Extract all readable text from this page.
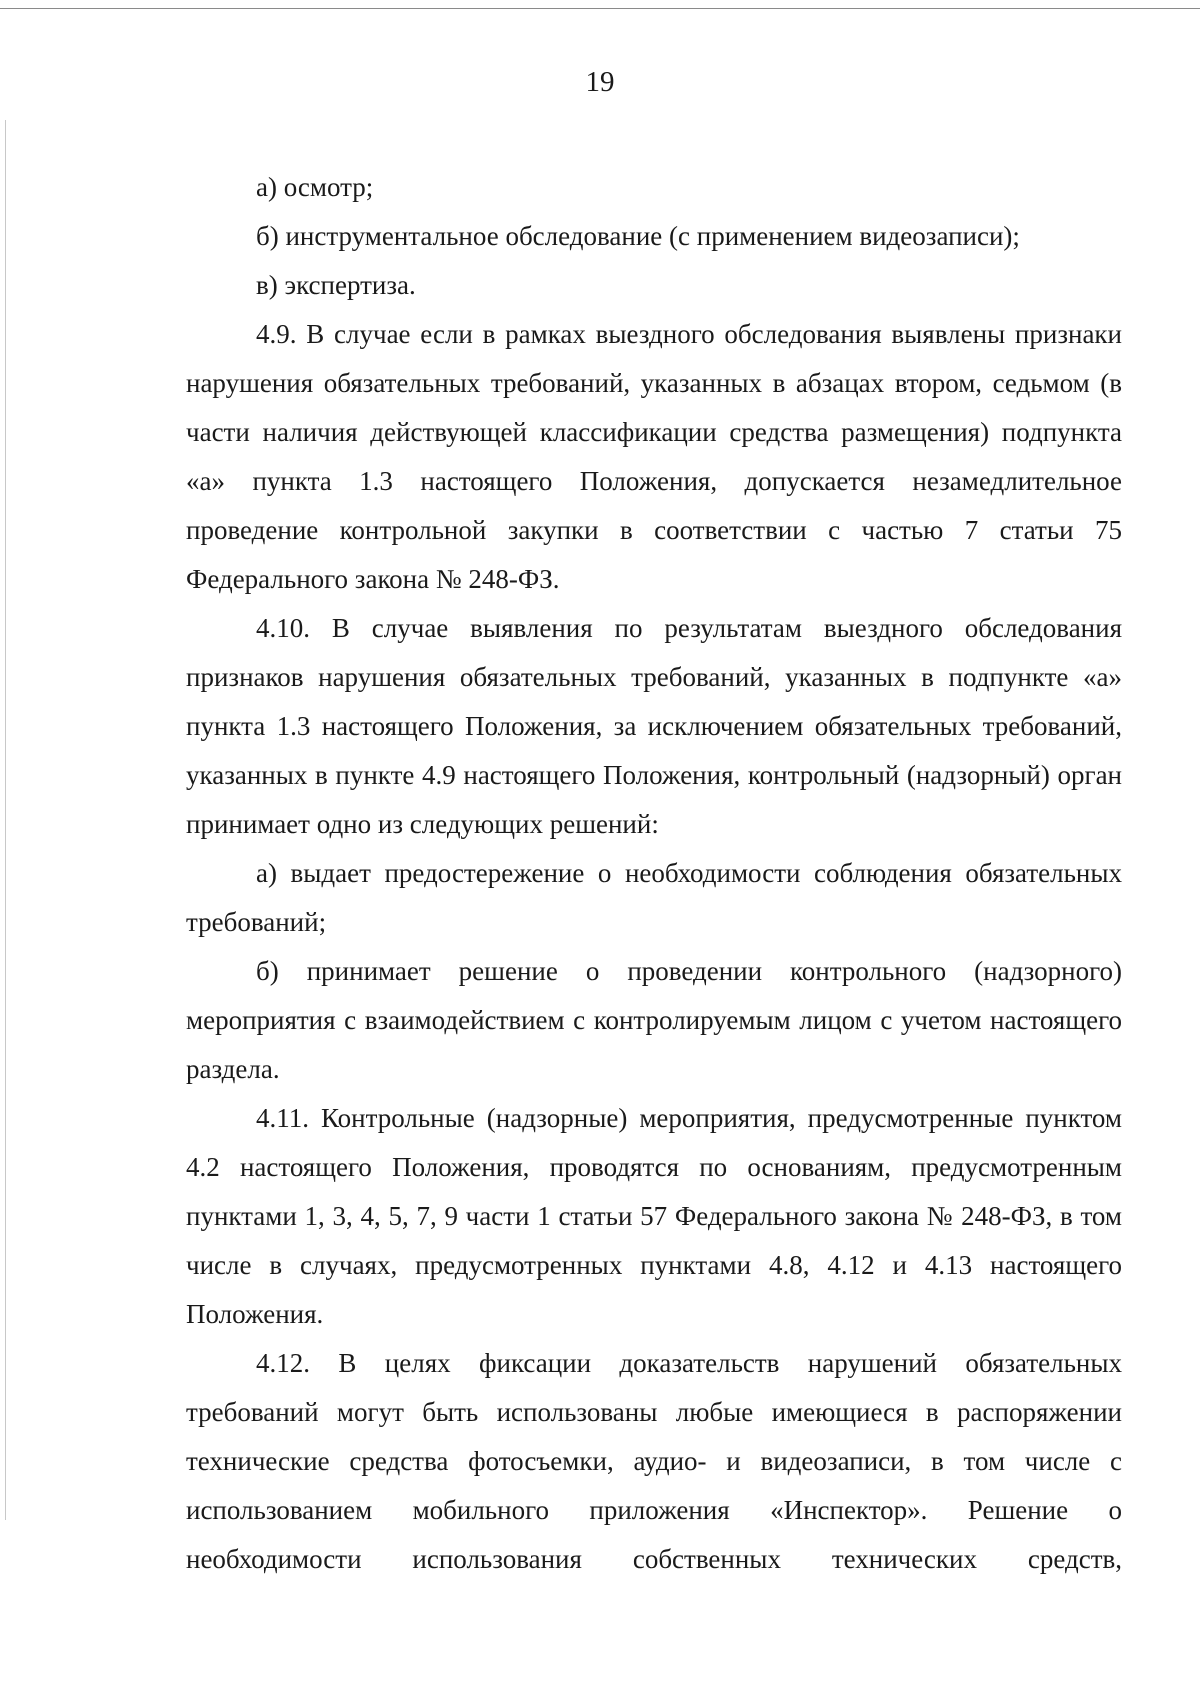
19

а) осмотр;

б) инструментальное обследование (с применением видеозаписи);

в) экспертиза.

4.9. В случае если в рамках выездного обследования выявлены признаки нарушения обязательных требований, указанных в абзацах втором, седьмом (в части наличия действующей классификации средства размещения) подпункта «а» пункта 1.3 настоящего Положения, допускается незамедлительное проведение контрольной закупки в соответствии с частью 7 статьи 75 Федерального закона № 248-ФЗ.

4.10. В случае выявления по результатам выездного обследования признаков нарушения обязательных требований, указанных в подпункте «а» пункта 1.3 настоящего Положения, за исключением обязательных требований, указанных в пункте 4.9 настоящего Положения, контрольный (надзорный) орган принимает одно из следующих решений:

а) выдает предостережение о необходимости соблюдения обязательных требований;

б) принимает решение о проведении контрольного (надзорного) мероприятия с взаимодействием с контролируемым лицом с учетом настоящего раздела.

4.11. Контрольные (надзорные) мероприятия, предусмотренные пунктом 4.2 настоящего Положения, проводятся по основаниям, предусмотренным пунктами 1, 3, 4, 5, 7, 9 части 1 статьи 57 Федерального закона № 248-ФЗ, в том числе в случаях, предусмотренных пунктами 4.8, 4.12 и 4.13 настоящего Положения.

4.12. В целях фиксации доказательств нарушений обязательных требований могут быть использованы любые имеющиеся в распоряжении технические средства фотосъемки, аудио- и видеозаписи, в том числе с использованием мобильного приложения «Инспектор». Решение о необходимости использования собственных технических средств,
